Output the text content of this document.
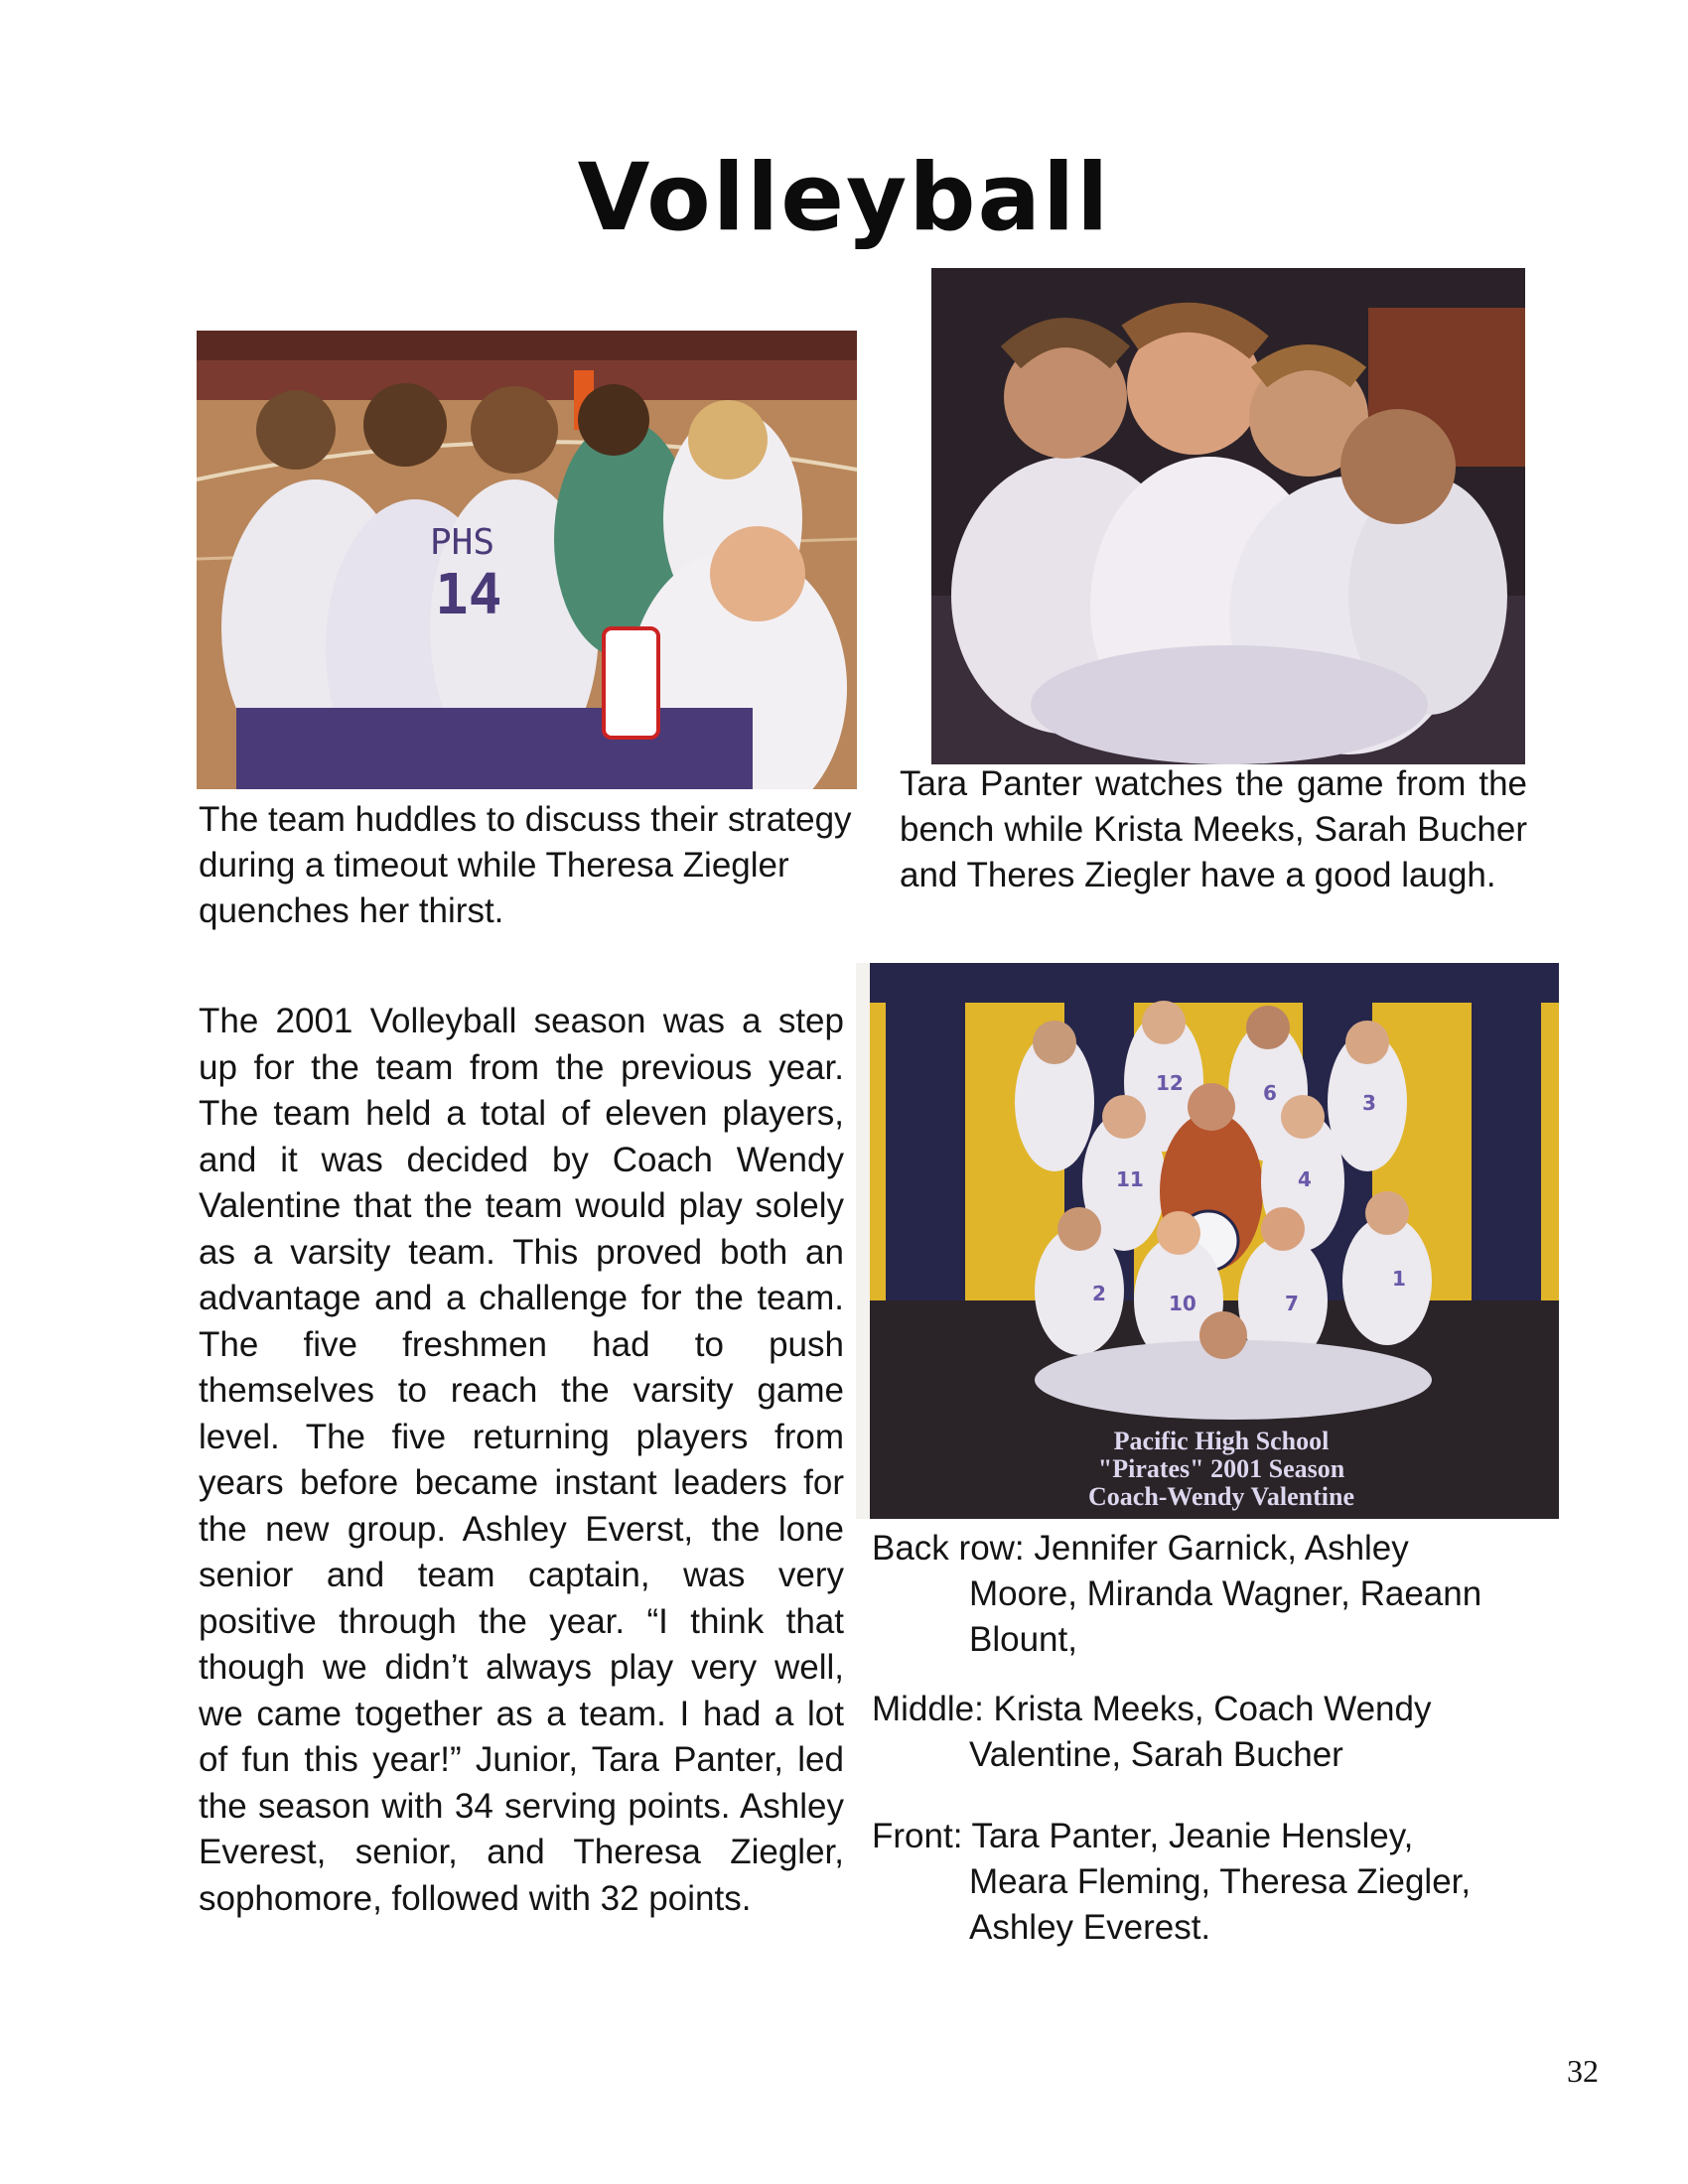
Volleyball
PHS
14
The team huddles to discuss their strategy during a timeout while Theresa Ziegler quenches her thirst.
Tara Panter watches the game from the bench while Krista Meeks, Sarah Bucher and Theres Ziegler have a good laugh.
The 2001 Volleyball season was a step up for the team from the previous year. The team held a total of eleven players, and it was decided by Coach Wendy Valentine that the team would play solely as a varsity team. This proved both an advantage and a challenge for the team. The five freshmen had to push themselves to reach the varsity game level. The five returning players from years before became instant leaders for the new group. Ashley Everst, the lone senior and team captain, was very positive through the year. “I think that though we didn’t always play very well, we came together as a team. I had a lot of fun this year!” Junior, Tara Panter, led the season with 34 serving points. Ashley Everest, senior, and Theresa Ziegler, sophomore, followed with 32 points.
12	6	3
11	4
2	10	7
1
Pacific High School
"Pirates" 2001 Season
Coach-Wendy Valentine

Back row: Jennifer Garnick, Ashley Moore, Miranda Wagner, Raeann Blount,

Middle: Krista Meeks, Coach Wendy Valentine, Sarah Bucher

Front: Tara Panter, Jeanie Hensley, Meara Fleming, Theresa Ziegler, Ashley Everest.

32
